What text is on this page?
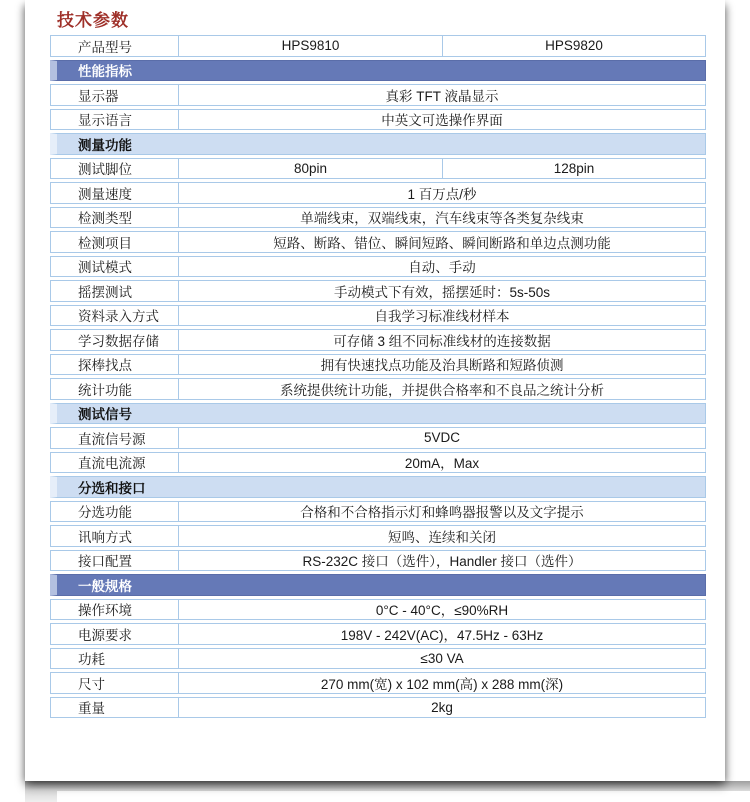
技术参数
产品型号	HPS9810	HPS9820
性能指标
显示器	真彩 TFT 液晶显示
显示语言	中英文可选操作界面
测量功能
测试脚位	80pin	128pin
测量速度	1 百万点/秒
检测类型	单端线束，双端线束，汽车线束等各类复杂线束
检测项目	短路、断路、错位、瞬间短路、瞬间断路和单边点测功能
测试模式	自动、手动
摇摆测试	手动模式下有效，摇摆延时：5s-50s
资料录入方式	自我学习标准线材样本
学习数据存储	可存储 3 组不同标准线材的连接数据
探棒找点	拥有快速找点功能及治具断路和短路侦测
统计功能	系统提供统计功能，并提供合格率和不良品之统计分析
测试信号
直流信号源	5VDC
直流电流源	20mA，Max
分选和接口
分选功能	合格和不合格指示灯和蜂鸣器报警以及文字提示
讯响方式	短鸣、连续和关闭
接口配置	RS-232C 接口（选件），Handler 接口（选件）
一般规格
操作环境	0°C - 40°C，≤90%RH
电源要求	198V - 242V(AC)，47.5Hz - 63Hz
功耗	≤30 VA
尺寸	270 mm(宽) x 102 mm(高) x 288 mm(深)
重量	2kg
